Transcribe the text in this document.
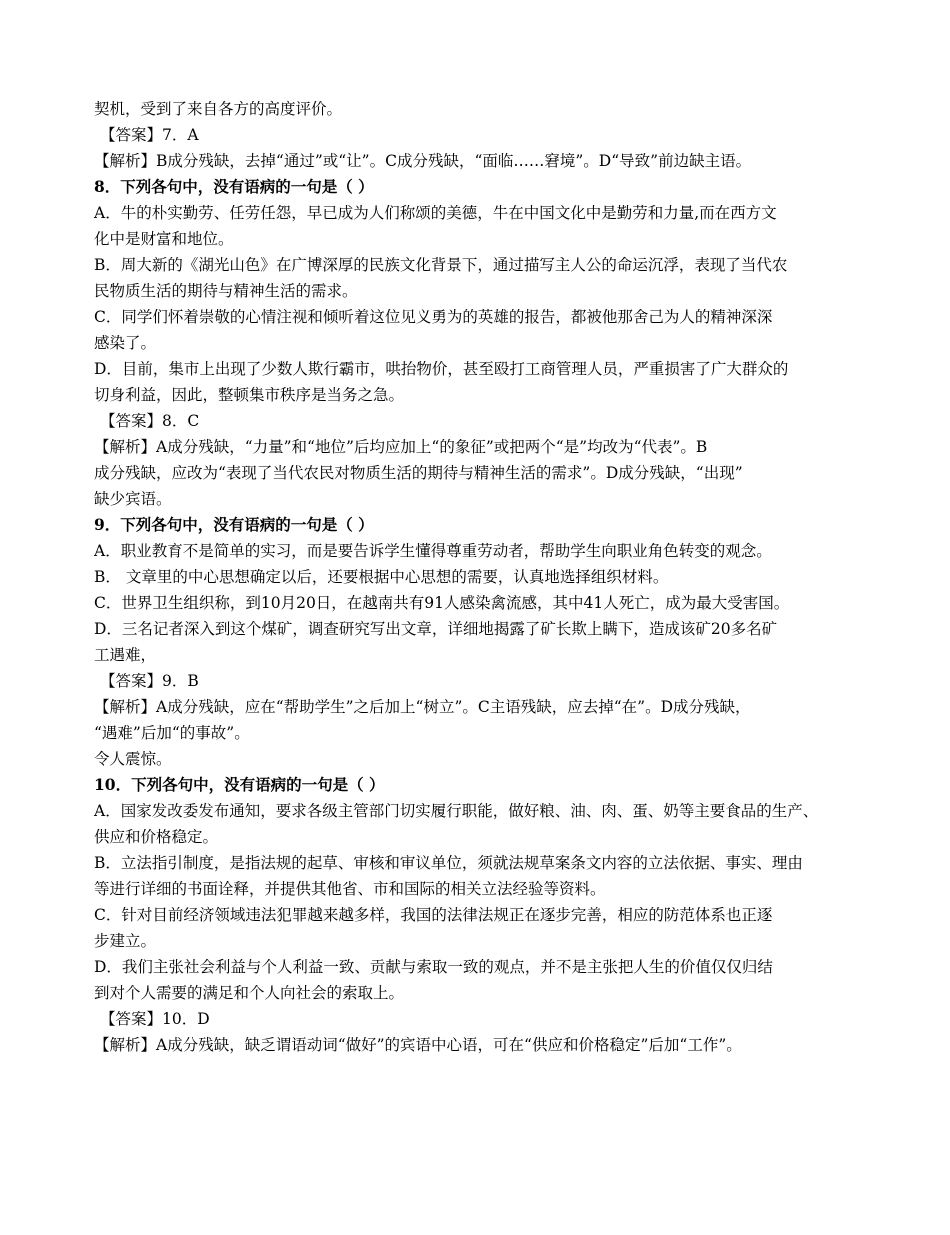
契机，受到了来自各方的高度评价。
【答案】7．A
【解析】B成分残缺，去掉“通过”或“让”。C成分残缺，“面临……窘境”。D“导致”前边缺主语。
8．下列各句中，没有语病的一句是（ ）
A．牛的朴实勤劳、任劳任怨，早已成为人们称颂的美德，牛在中国文化中是勤劳和力量,而在西方文
化中是财富和地位。
B．周大新的《湖光山色》在广博深厚的民族文化背景下，通过描写主人公的命运沉浮，表现了当代农
民物质生活的期待与精神生活的需求。
C．同学们怀着崇敬的心情注视和倾听着这位见义勇为的英雄的报告，都被他那舍己为人的精神深深
感染了。
D．目前，集市上出现了少数人欺行霸市，哄抬物价，甚至殴打工商管理人员，严重损害了广大群众的
切身利益，因此，整顿集市秩序是当务之急。
【答案】8．C
【解析】A成分残缺，“力量”和“地位”后均应加上“的象征”或把两个“是”均改为“代表”。B
成分残缺，应改为“表现了当代农民对物质生活的期待与精神生活的需求”。D成分残缺，“出现”
缺少宾语。
9．下列各句中，没有语病的一句是（ ）
A．职业教育不是简单的实习，而是要告诉学生懂得尊重劳动者，帮助学生向职业角色转变的观念。
B． 文章里的中心思想确定以后，还要根据中心思想的需要，认真地选择组织材料。
C．世界卫生组织称，到10月20日，在越南共有91人感染禽流感，其中41人死亡，成为最大受害国。
D．三名记者深入到这个煤矿，调查研究写出文章，详细地揭露了矿长欺上瞒下，造成该矿20多名矿
工遇难，
【答案】9．B
【解析】A成分残缺，应在“帮助学生”之后加上“树立”。C主语残缺，应去掉“在”。D成分残缺，
“遇难”后加“的事故”。
令人震惊。
10．下列各句中，没有语病的一句是（ ）
A．国家发改委发布通知，要求各级主管部门切实履行职能，做好粮、油、肉、蛋、奶等主要食品的生产、
供应和价格稳定。
B．立法指引制度，是指法规的起草、审核和审议单位，须就法规草案条文内容的立法依据、事实、理由
等进行详细的书面诠释，并提供其他省、市和国际的相关立法经验等资料。
C．针对目前经济领域违法犯罪越来越多样，我国的法律法规正在逐步完善，相应的防范体系也正逐
步建立。
D．我们主张社会利益与个人利益一致、贡献与索取一致的观点，并不是主张把人生的价值仅仅归结
到对个人需要的满足和个人向社会的索取上。
【答案】10．D
【解析】A成分残缺，缺乏谓语动词“做好”的宾语中心语，可在“供应和价格稳定”后加“工作”。
